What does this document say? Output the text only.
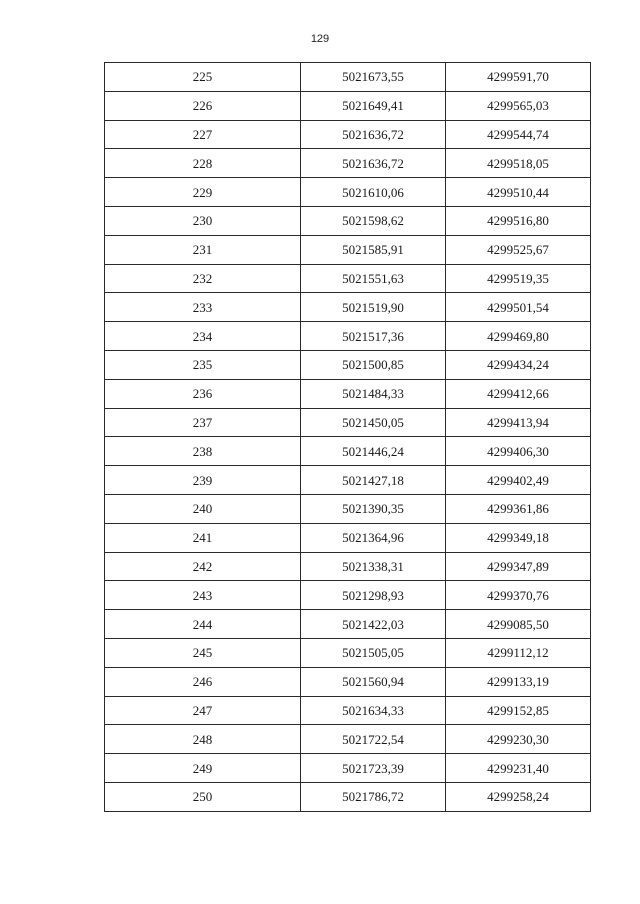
129
225	5021673,55	4299591,70
226	5021649,41	4299565,03
227	5021636,72	4299544,74
228	5021636,72	4299518,05
229	5021610,06	4299510,44
230	5021598,62	4299516,80
231	5021585,91	4299525,67
232	5021551,63	4299519,35
233	5021519,90	4299501,54
234	5021517,36	4299469,80
235	5021500,85	4299434,24
236	5021484,33	4299412,66
237	5021450,05	4299413,94
238	5021446,24	4299406,30
239	5021427,18	4299402,49
240	5021390,35	4299361,86
241	5021364,96	4299349,18
242	5021338,31	4299347,89
243	5021298,93	4299370,76
244	5021422,03	4299085,50
245	5021505,05	4299112,12
246	5021560,94	4299133,19
247	5021634,33	4299152,85
248	5021722,54	4299230,30
249	5021723,39	4299231,40
250	5021786,72	4299258,24
